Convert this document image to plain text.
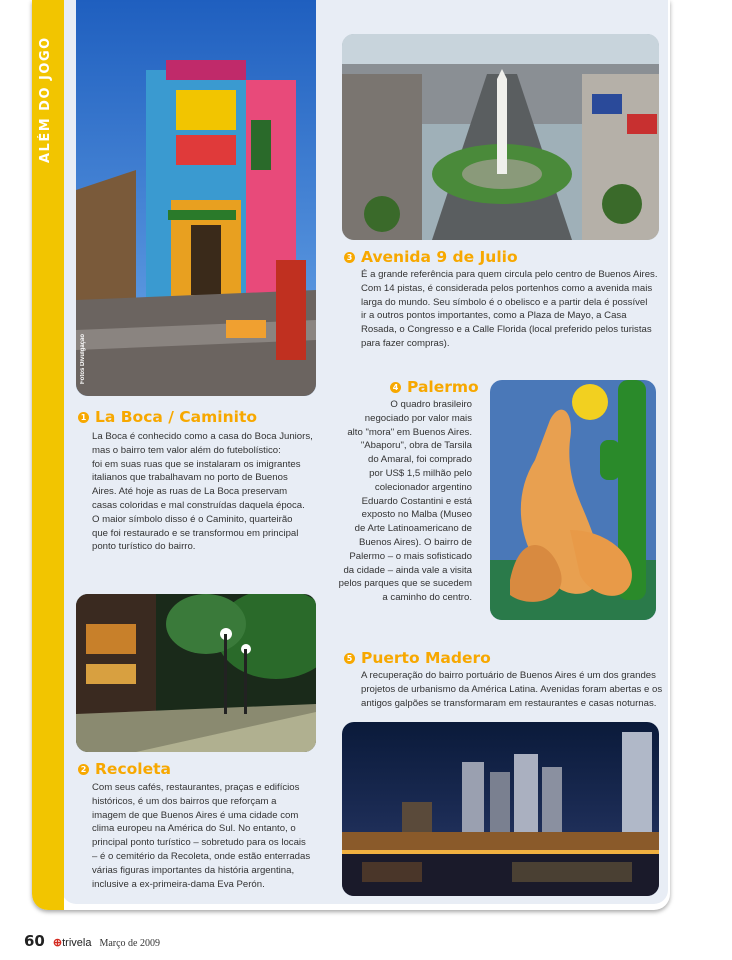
ALÉM DO JOGO
Fotos Divulgação
1 La Boca / Caminito

La Boca é conhecido como a casa do Boca Juniors,

mas o bairro tem valor além do futebolístico:

foi em suas ruas que se instalaram os imigrantes

italianos que trabalhavam no porto de Buenos

Aires. Até hoje as ruas de La Boca preservam

casas coloridas e mal construídas daquela época.

O maior símbolo disso é o Caminito, quarteirão

que foi restaurado e se transformou em principal

ponto turístico do bairro.

2 Recoleta

Com seus cafés, restaurantes, praças e edifícios

históricos, é um dos bairros que reforçam a

imagem de que Buenos Aires é uma cidade com

clima europeu na América do Sul. No entanto, o

principal ponto turístico – sobretudo para os locais

– é o cemitério da Recoleta, onde estão enterradas

várias figuras importantes da história argentina,

inclusive a ex-primeira-dama Eva Perón.

3 Avenida 9 de Julio

É a grande referência para quem circula pelo centro de Buenos Aires.

Com 14 pistas, é considerada pelos portenhos como a avenida mais

larga do mundo. Seu símbolo é o obelisco e a partir dela é possível

ir a outros pontos importantes, como a Plaza de Mayo, a Casa

Rosada, o Congresso e a Calle Florida (local preferido pelos turistas

para fazer compras).

4 Palermo

O quadro brasileiro

negociado por valor mais

alto "mora" em Buenos Aires.

"Abaporu", obra de Tarsila

do Amaral, foi comprado

por US$ 1,5 milhão pelo

colecionador argentino

Eduardo Costantini e está

exposto no Malba (Museo

de Arte Latinoamericano de

Buenos Aires). O bairro de

Palermo – o mais sofisticado

da cidade – ainda vale a visita

pelos parques que se sucedem

a caminho do centro.

5 Puerto Madero

A recuperação do bairro portuário de Buenos Aires é um dos grandes

projetos de urbanismo da América Latina. Avenidas foram abertas e os

antigos galpões se transformaram em restaurantes e casas noturnas.

60 ⊕trivela Março de 2009
